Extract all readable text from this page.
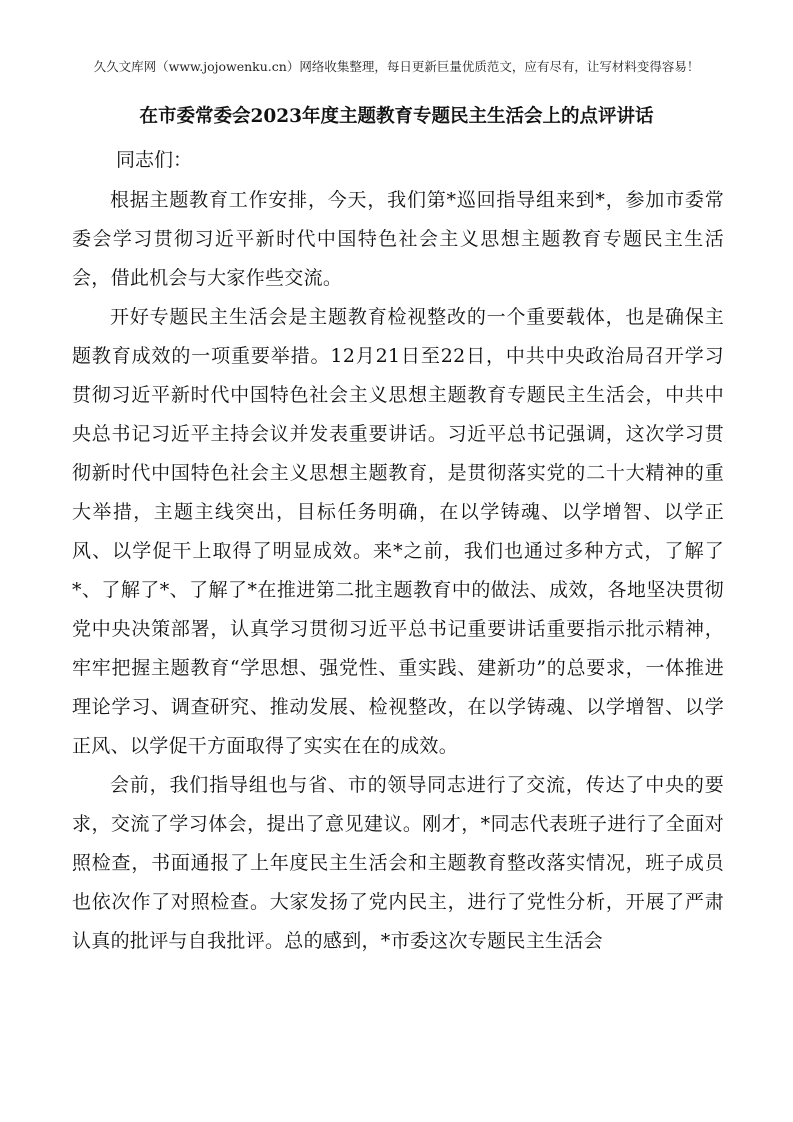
久久文库网（www.jojowenku.cn）网络收集整理，每日更新巨量优质范文，应有尽有，让写材料变得容易！
在市委常委会2023年度主题教育专题民主生活会上的点评讲话

同志们：

根据主题教育工作安排，今天，我们第*巡回指导组来到*，参加市委常委会学习贯彻习近平新时代中国特色社会主义思想主题教育专题民主生活会，借此机会与大家作些交流。

开好专题民主生活会是主题教育检视整改的一个重要载体，也是确保主题教育成效的一项重要举措。12月21日至22日，中共中央政治局召开学习贯彻习近平新时代中国特色社会主义思想主题教育专题民主生活会，中共中央总书记习近平主持会议并发表重要讲话。习近平总书记强调，这次学习贯彻新时代中国特色社会主义思想主题教育，是贯彻落实党的二十大精神的重大举措，主题主线突出，目标任务明确，在以学铸魂、以学增智、以学正风、以学促干上取得了明显成效。来*之前，我们也通过多种方式，了解了*、了解了*、了解了*在推进第二批主题教育中的做法、成效，各地坚决贯彻党中央决策部署，认真学习贯彻习近平总书记重要讲话重要指示批示精神，牢牢把握主题教育“学思想、强党性、重实践、建新功”的总要求，一体推进理论学习、调查研究、推动发展、检视整改，在以学铸魂、以学增智、以学正风、以学促干方面取得了实实在在的成效。

会前，我们指导组也与省、市的领导同志进行了交流，传达了中央的要求，交流了学习体会，提出了意见建议。刚才，*同志代表班子进行了全面对照检查，书面通报了上年度民主生活会和主题教育整改落实情况，班子成员也依次作了对照检查。大家发扬了党内民主，进行了党性分析，开展了严肃认真的批评与自我批评。总的感到，*市委这次专题民主生活会
